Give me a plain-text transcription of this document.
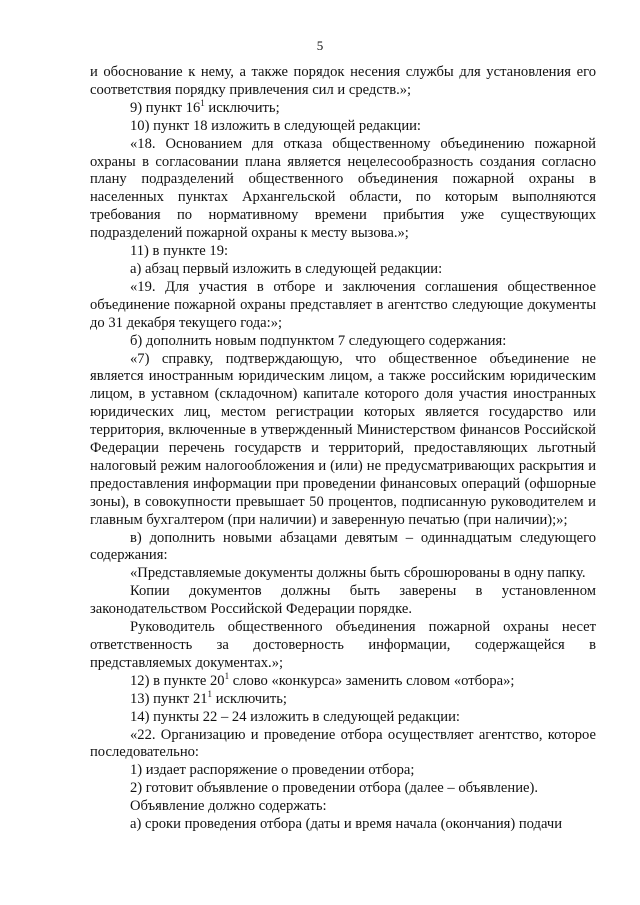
5

и обоснование к нему, а также порядок несения службы для установления его соответствия порядку привлечения сил и средств.»;

9) пункт $16^1$ исключить;

10) пункт 18 изложить в следующей редакции:

«18. Основанием для отказа общественному объединению пожарной охраны в согласовании плана является нецелесообразность создания согласно плану подразделений общественного объединения пожарной охраны в населенных пунктах Архангельской области, по которым выполняются требования по нормативному времени прибытия уже существующих подразделений пожарной охраны к месту вызова.»;

11) в пункте 19:

а) абзац первый изложить в следующей редакции:

«19. Для участия в отборе и заключения соглашения общественное объединение пожарной охраны представляет в агентство следующие документы до 31 декабря текущего года:»;

б) дополнить новым подпунктом 7 следующего содержания:

«7) справку, подтверждающую, что общественное объединение не является иностранным юридическим лицом, а также российским юридическим лицом, в уставном (складочном) капитале которого доля участия иностранных юридических лиц, местом регистрации которых является государство или территория, включенные в утвержденный Министерством финансов Российской Федерации перечень государств и территорий, предоставляющих льготный налоговый режим налогообложения и (или) не предусматривающих раскрытия и предоставления информации при проведении финансовых операций (офшорные зоны), в совокупности превышает 50 процентов, подписанную руководителем и главным бухгалтером (при наличии) и заверенную печатью (при наличии);»;

в) дополнить новыми абзацами девятым – одиннадцатым следующего содержания:

«Представляемые документы должны быть сброшюрованы в одну папку.

Копии документов должны быть заверены в установленном законодательством Российской Федерации порядке.

Руководитель общественного объединения пожарной охраны несет ответственность за достоверность информации, содержащейся в представляемых документах.»;

12) в пункте $20^1$ слово «конкурса» заменить словом «отбора»;

13) пункт $21^1$ исключить;

14) пункты 22 – 24 изложить в следующей редакции:

«22. Организацию и проведение отбора осуществляет агентство, которое последовательно:

1) издает распоряжение о проведении отбора;

2) готовит объявление о проведении отбора (далее – объявление).

Объявление должно содержать:

а) сроки проведения отбора (даты и время начала (окончания) подачи
